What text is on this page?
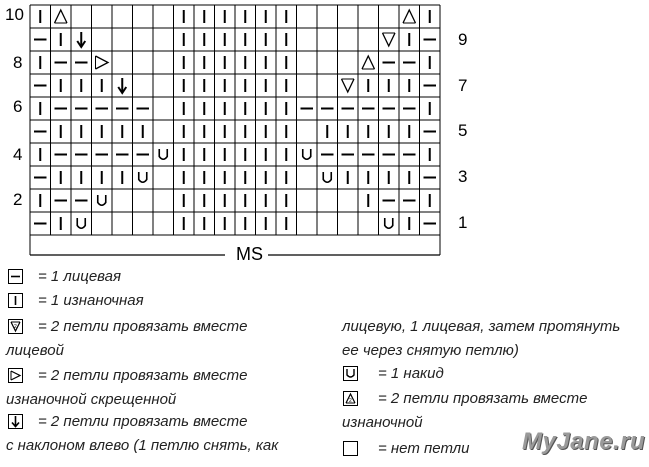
10
8
6
4
2
9
7
5
3
1
MS
= 1 лицевая
= 1 изнаночная
2 = 2 петли провязать вместе
лицевой
= 2 петли провязать вместе
изнаночной скрещенной
= 2 петли провязать вместе
с наклоном влево (1 петлю снять, как
лицевую, 1 лицевая, затем протянуть
ее через снятую петлю)
= 1 накид
2 = 2 петли провязать вместе
изнаночной
= нет петли MyJane.ru
